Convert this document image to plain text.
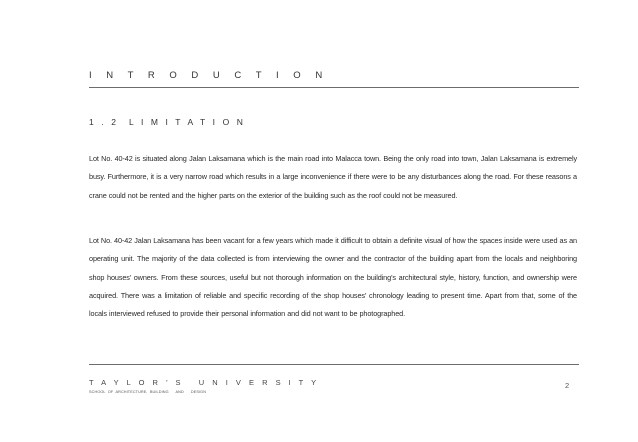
I N T R O D U C T I O N
1 . 2 L I M I T A T I O N

Lot No. 40-42 is situated along Jalan Laksamana which is the main road into Malacca town. Being the only road into town, Jalan Laksamana is extremely busy. Furthermore, it is a very narrow road which results in a large inconvenience if there were to be any disturbances along the road. For these reasons a crane could not be rented and the higher parts on the exterior of the building such as the roof could not be measured.

Lot No. 40-42 Jalan Laksamana has been vacant for a few years which made it difficult to obtain a definite visual of how the spaces inside were used as an operating unit. The majority of the data collected is from interviewing the owner and the contractor of the building apart from the locals and neighboring shop houses’ owners. From these sources, useful but not thorough information on the building’s architectural style, history, function, and ownership were acquired. There was a limitation of reliable and specific recording of the shop houses’ chronology leading to present time. Apart from that, some of the locals interviewed refused to provide their personal information and did not want to be photographed.

T A Y L O R ’ S   U N I V E R S I T Y
SCHOOL OF ARCHITECTURE, BUILDING   AND   DESIGN
2
